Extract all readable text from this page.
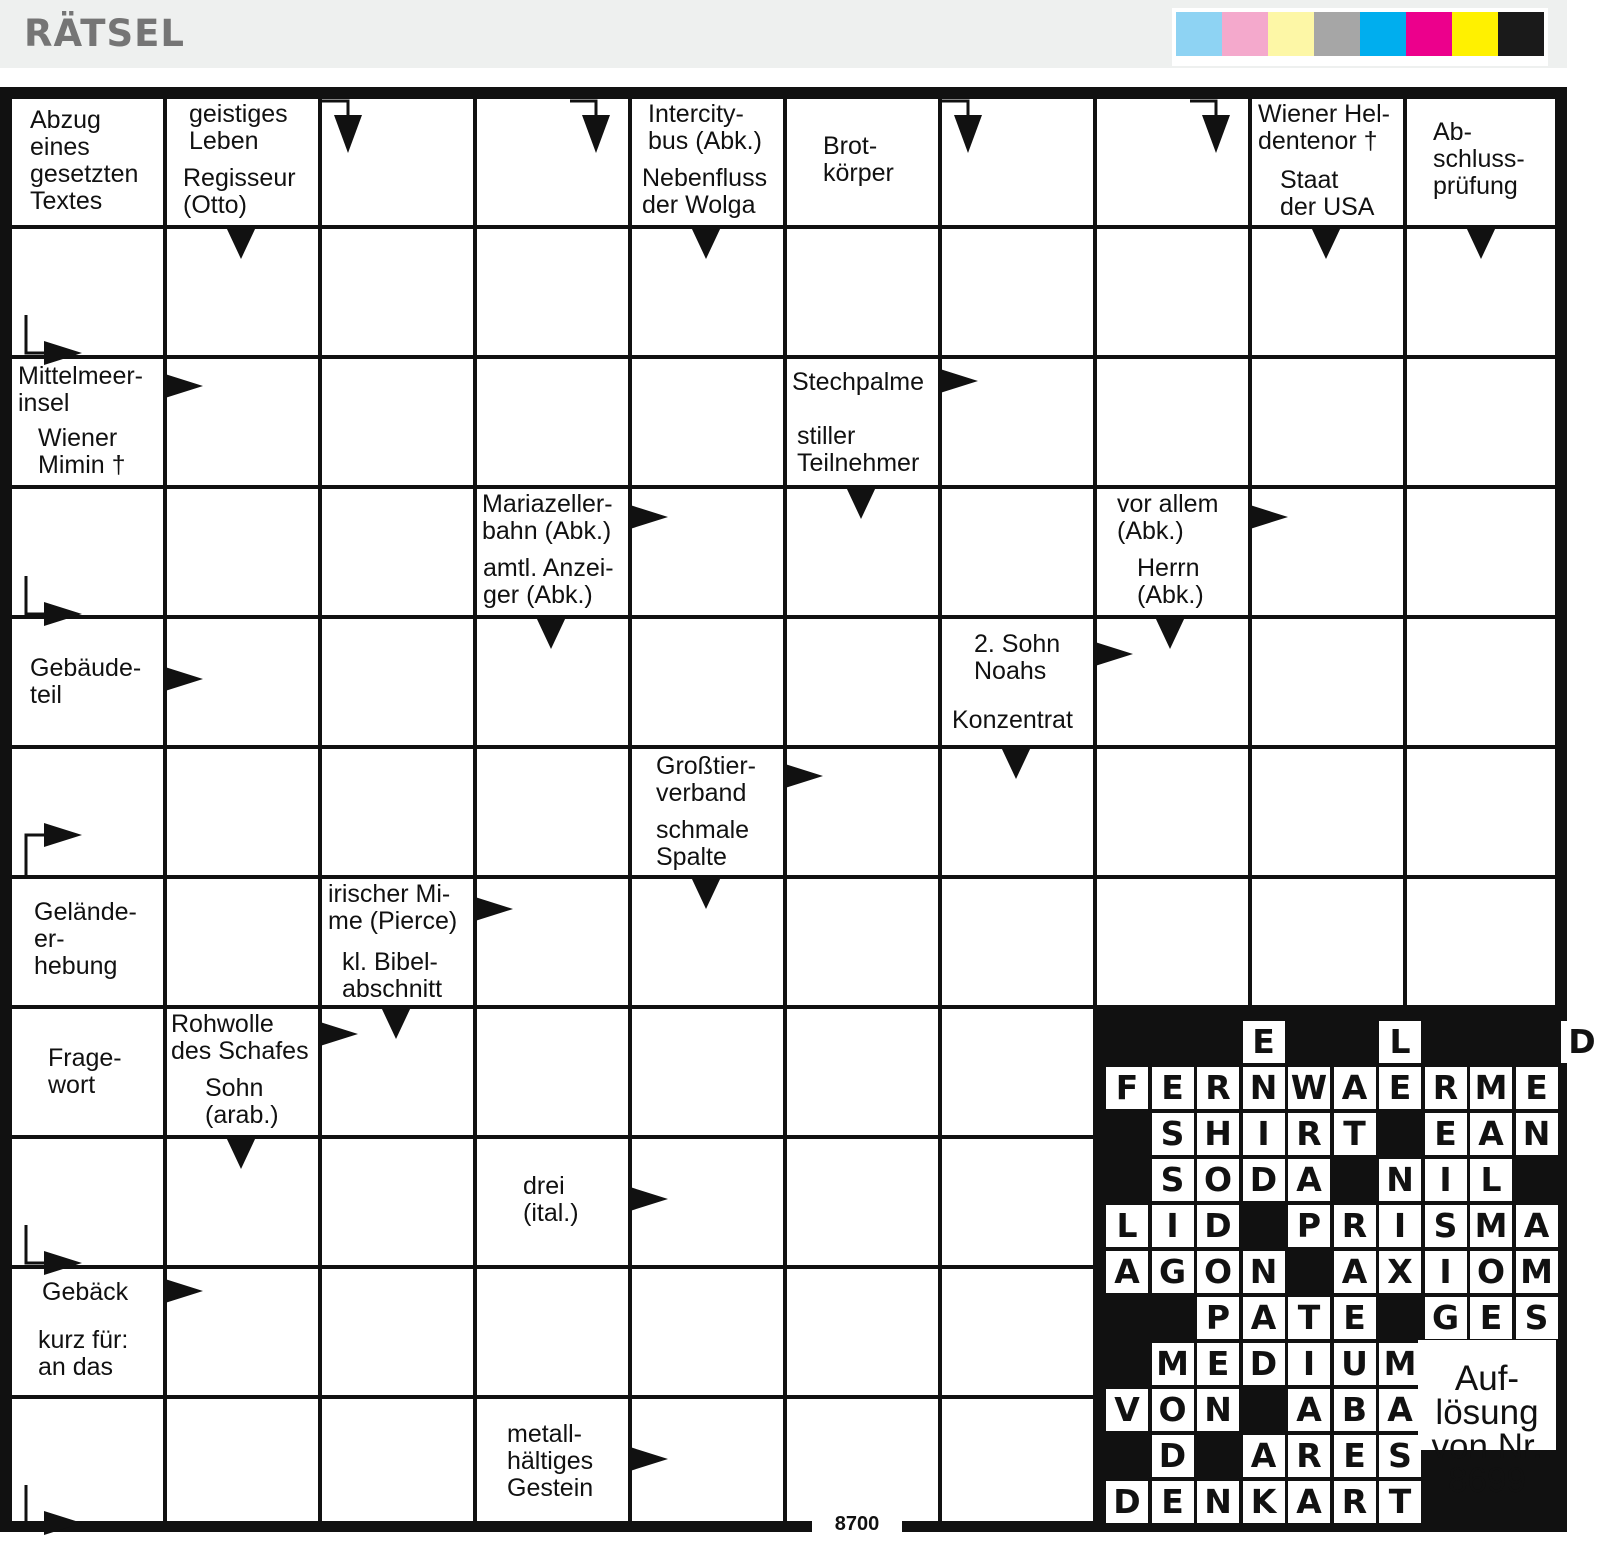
RÄTSEL
Abzug
eines
gesetzten
Textes
geistiges
Leben
Regisseur
(Otto)
Intercity-
bus (Abk.)
Nebenfluss
der Wolga
Brot-
körper
Wiener Hel-
dentenor †
Staat
der USA
Ab-
schluss-
prüfung
Mittelmeer-
insel
Wiener
Mimin †
Stechpalme
stiller
Teilnehmer
Mariazeller-
bahn (Abk.)
amtl. Anzei-
ger (Abk.)
vor allem
(Abk.)
Herrn
(Abk.)
Gebäude-
teil
2. Sohn
Noahs
Konzentrat
Großtier-
verband
schmale
Spalte
Gelände-
er-
hebung
irischer Mi-
me (Pierce)
kl. Bibel-
abschnitt
Frage-
wort
Rohwolle
des Schafes
Sohn
(arab.)
drei
(ital.)
Gebäck
kurz für:
an das
metall-
hältiges
Gestein
E	L	D
F E R N W A E R M E
S H I R T E A N
S O D A N I L
L I D P R I S M A
A G O N A X I O M
P A T E G E S
M E D I U M
V O N A B A
D A R E S
D E N K A R T
Auf-
lösung
von Nr.
8699
8700
